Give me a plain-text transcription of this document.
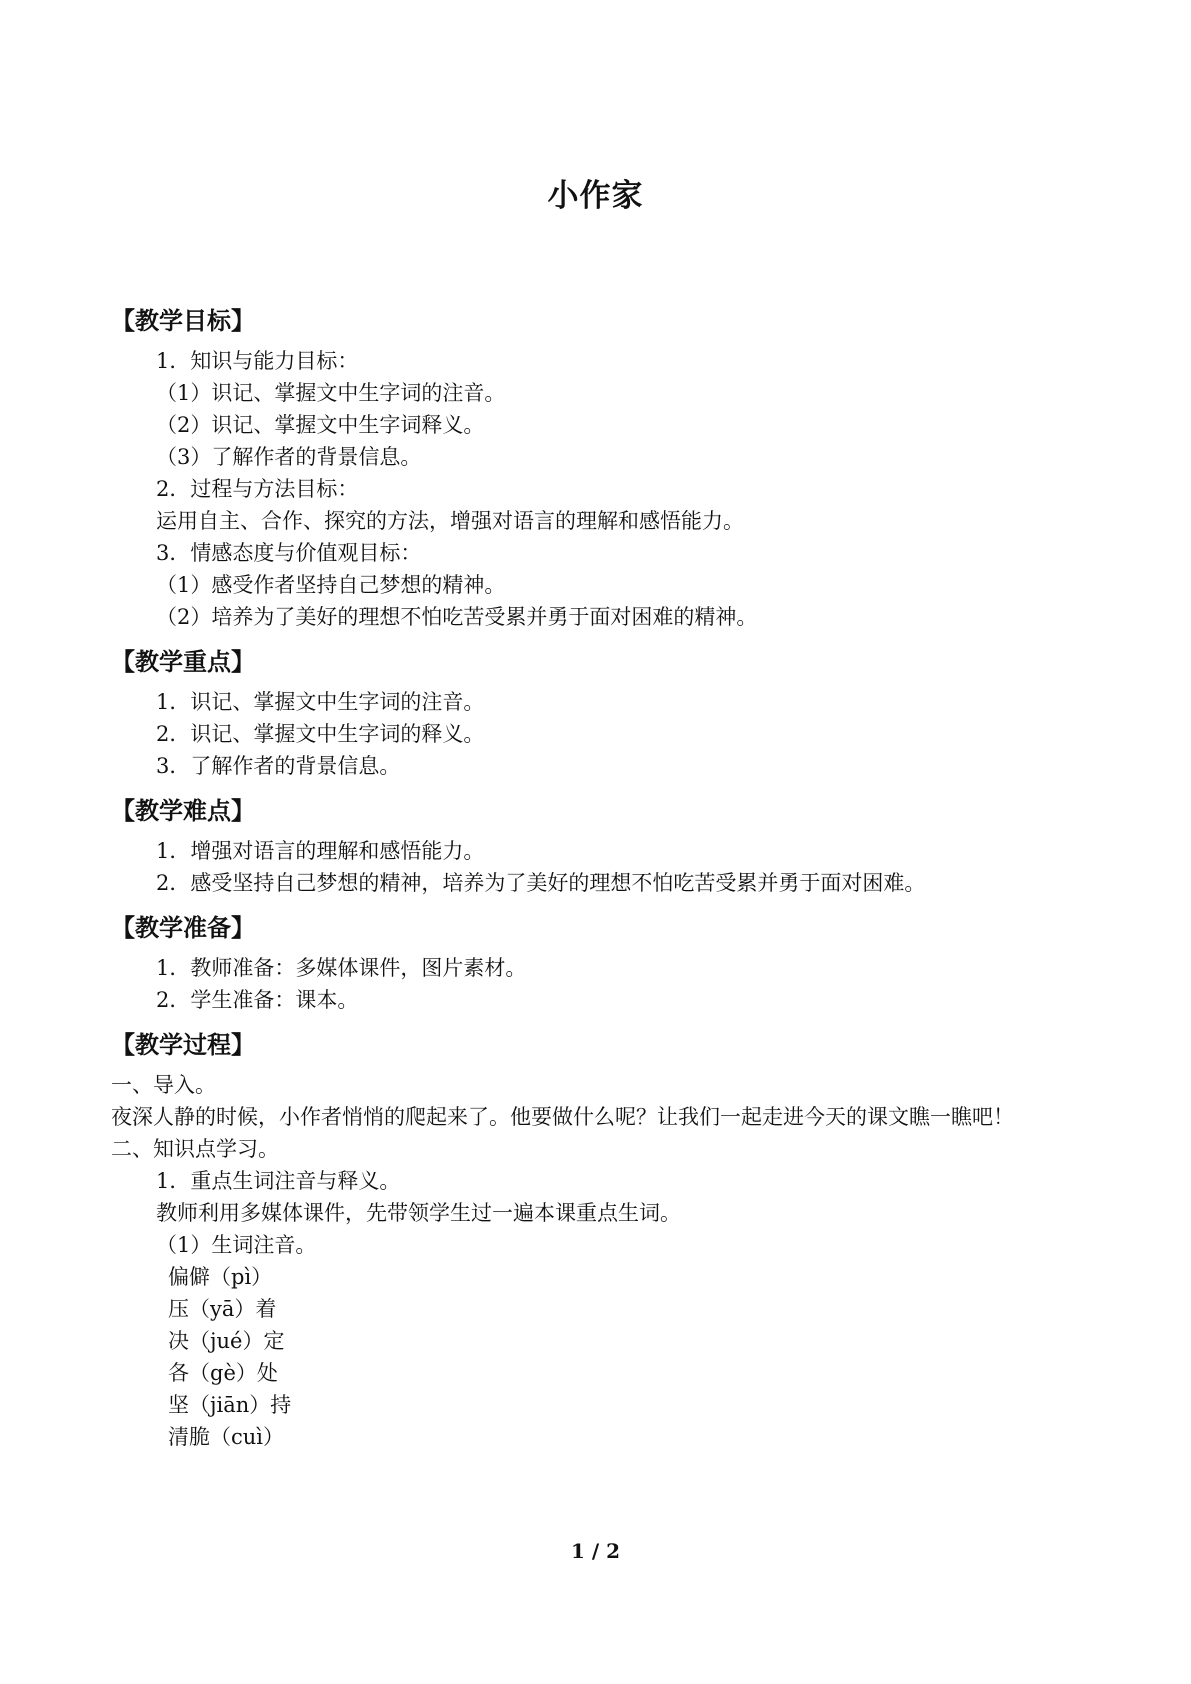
小作家
【教学目标】
1．知识与能力目标：
（1）识记、掌握文中生字词的注音。
（2）识记、掌握文中生字词释义。
（3）了解作者的背景信息。
2．过程与方法目标：
运用自主、合作、探究的方法，增强对语言的理解和感悟能力。
3．情感态度与价值观目标：
（1）感受作者坚持自己梦想的精神。
（2）培养为了美好的理想不怕吃苦受累并勇于面对困难的精神。
【教学重点】
1．识记、掌握文中生字词的注音。
2．识记、掌握文中生字词的释义。
3．了解作者的背景信息。
【教学难点】
1．增强对语言的理解和感悟能力。
2．感受坚持自己梦想的精神，培养为了美好的理想不怕吃苦受累并勇于面对困难。
【教学准备】
1．教师准备：多媒体课件，图片素材。
2．学生准备：课本。
【教学过程】
一、导入。
夜深人静的时候，小作者悄悄的爬起来了。他要做什么呢？让我们一起走进今天的课文瞧一瞧吧！
二、知识点学习。
1．重点生词注音与释义。
教师利用多媒体课件，先带领学生过一遍本课重点生词。
（1）生词注音。
偏僻（pì）
压（yā）着
决（jué）定
各（gè）处
坚（jiān）持
清脆（cuì）
1 / 2
